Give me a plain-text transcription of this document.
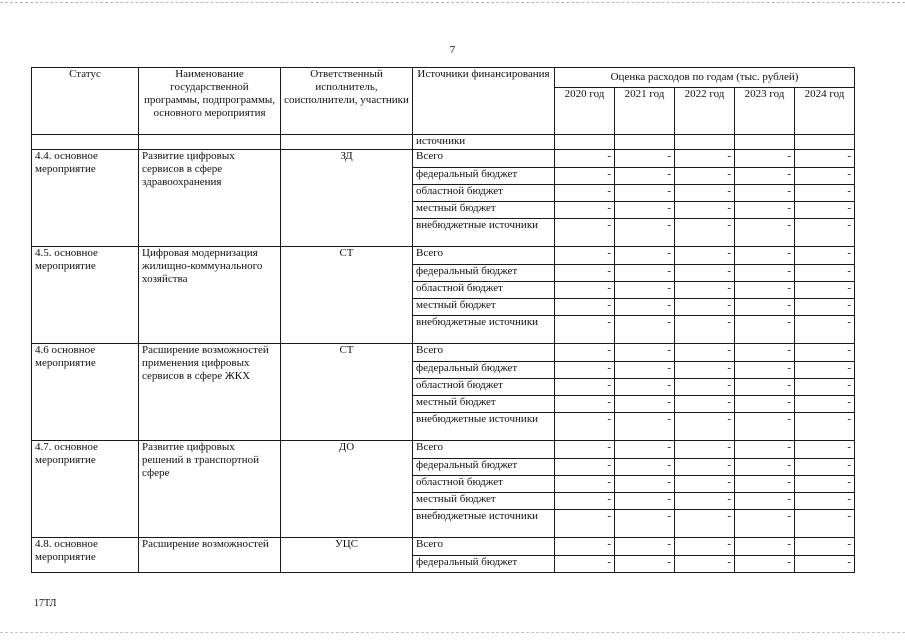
7
Статус	Наименование государственной программы, подпрограммы, основного мероприятия	Ответственный исполнитель, соисполнители, участники	Источники финансирования	Оценка расходов по годам (тыс. рублей)				
				2020 год	2021 год	2022 год	2023 год	2024 год
			источники					
4.4. основное мероприятие	Развитие цифровых сервисов в сфере здравоохранения	ЗД	Всего	-	-	-	-	-
			федеральный бюджет	-	-	-	-	-
			областной бюджет	-	-	-	-	-
			местный бюджет	-	-	-	-	-
			внебюджетные источники	-	-	-	-	-
4.5. основное мероприятие	Цифровая модернизация жилищно-коммунального хозяйства	СТ	Всего	-	-	-	-	-
			федеральный бюджет	-	-	-	-	-
			областной бюджет	-	-	-	-	-
			местный бюджет	-	-	-	-	-
			внебюджетные источники	-	-	-	-	-
4.6 основное мероприятие	Расширение возможностей применения цифровых сервисов в сфере ЖКХ	СТ	Всего	-	-	-	-	-
			федеральный бюджет	-	-	-	-	-
			областной бюджет	-	-	-	-	-
			местный бюджет	-	-	-	-	-
			внебюджетные источники	-	-	-	-	-
4.7. основное мероприятие	Развитие цифровых решений в транспортной сфере	ДО	Всего	-	-	-	-	-
			федеральный бюджет	-	-	-	-	-
			областной бюджет	-	-	-	-	-
			местный бюджет	-	-	-	-	-
			внебюджетные источники	-	-	-	-	-
4.8. основное мероприятие	Расширение возможностей	УЦС	Всего	-	-	-	-	-
			федеральный бюджет	-	-	-	-	-
17ТЛ
